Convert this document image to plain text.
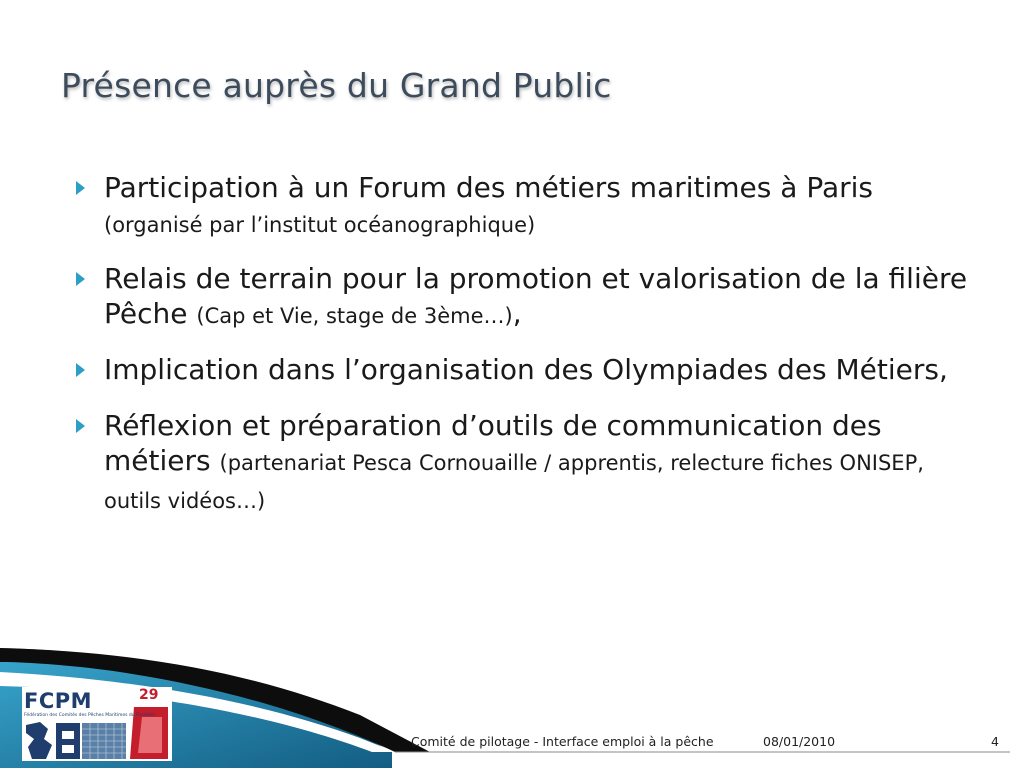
Présence auprès du Grand Public
Participation à un Forum des métiers maritimes à Paris (organisé par l’institut océanographique)
Relais de terrain pour la promotion et valorisation de la filière Pêche (Cap et Vie, stage de 3ème…),
Implication dans l’organisation des Olympiades des Métiers,
Réflexion et préparation d’outils de communication des métiers (partenariat Pesca Cornouaille / apprentis, relecture fiches ONISEP, outils vidéos…)
FCPM	29
Fédération des Comités des Pêches Maritimes du Finistère
Comité de pilotage - Interface emploi à la pêche	08/01/2010	4
